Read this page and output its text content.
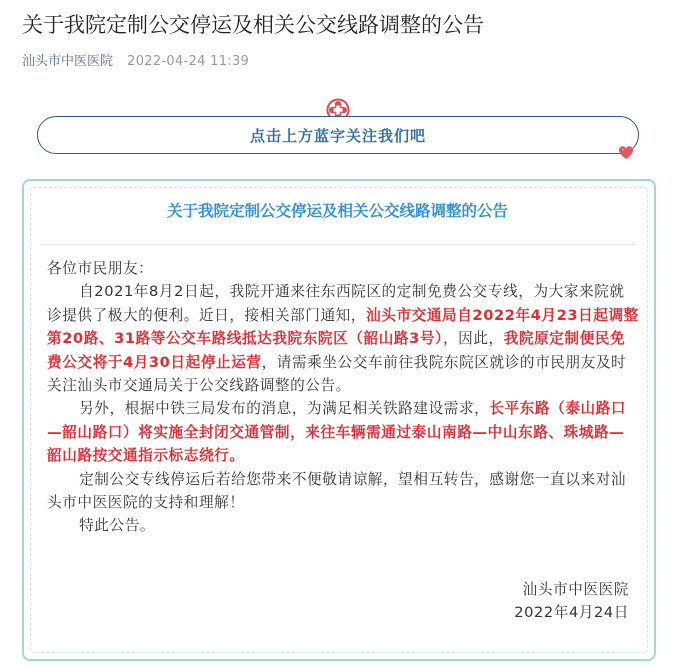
关于我院定制公交停运及相关公交线路调整的公告
汕头市中医医院 2022-04-24 11:39
点击上方蓝字关注我们吧
关于我院定制公交停运及相关公交线路调整的公告

各位市民朋友：

自2021年8月2日起，我院开通来往东西院区的定制免费公交专线，为大家来院就诊提供了极大的便利。近日，接相关部门通知，汕头市交通局自2022年4月23日起调整第20路、31路等公交车路线抵达我院东院区（韶山路3号），因此，我院原定制便民免费公交将于4月30日起停止运营，请需乘坐公交车前往我院东院区就诊的市民朋友及时关注汕头市交通局关于公交线路调整的公告。

另外，根据中铁三局发布的消息，为满足相关铁路建设需求，长平东路（泰山路口—韶山路口）将实施全封闭交通管制，来往车辆需通过泰山南路—中山东路、珠城路—韶山路按交通指示标志绕行。

定制公交专线停运后若给您带来不便敬请谅解，望相互转告，感谢您一直以来对汕头市中医医院的支持和理解！

特此公告。

汕头市中医医院
2022年4月24日
